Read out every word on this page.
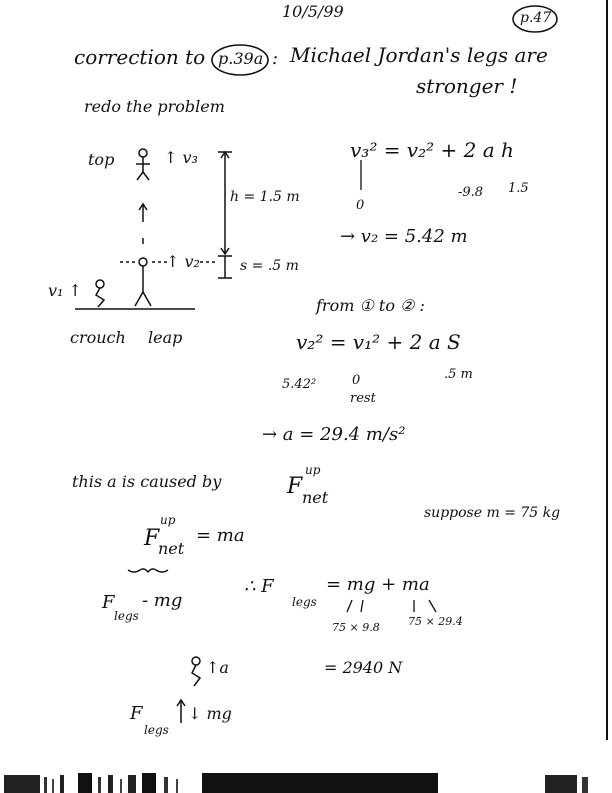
10/5/99	p.47
correction to p.39a : Michael Jordan's legs are
stronger !
redo the problem
top	↑ v₃
↑ v₂
v₁ ↑
h = 1.5 m
s = .5 m
crouch leap
v₃² = v₂² + 2 a h
0
-9.8 1.5
→ v₂ = 5.42 m
from ① to ② :
v₂² = v₁² + 2 a S
5.42²	0
rest
.5 m
→ a = 29.4 m/s²
this a is caused by	F
up
net
suppose m = 75 kg
F
up
net
= ma
F
legs
- mg
∴ F
legs
= mg + ma
75 × 9.8	75 × 29.4
= 2940 N
↑a
F
legs
↓ mg
